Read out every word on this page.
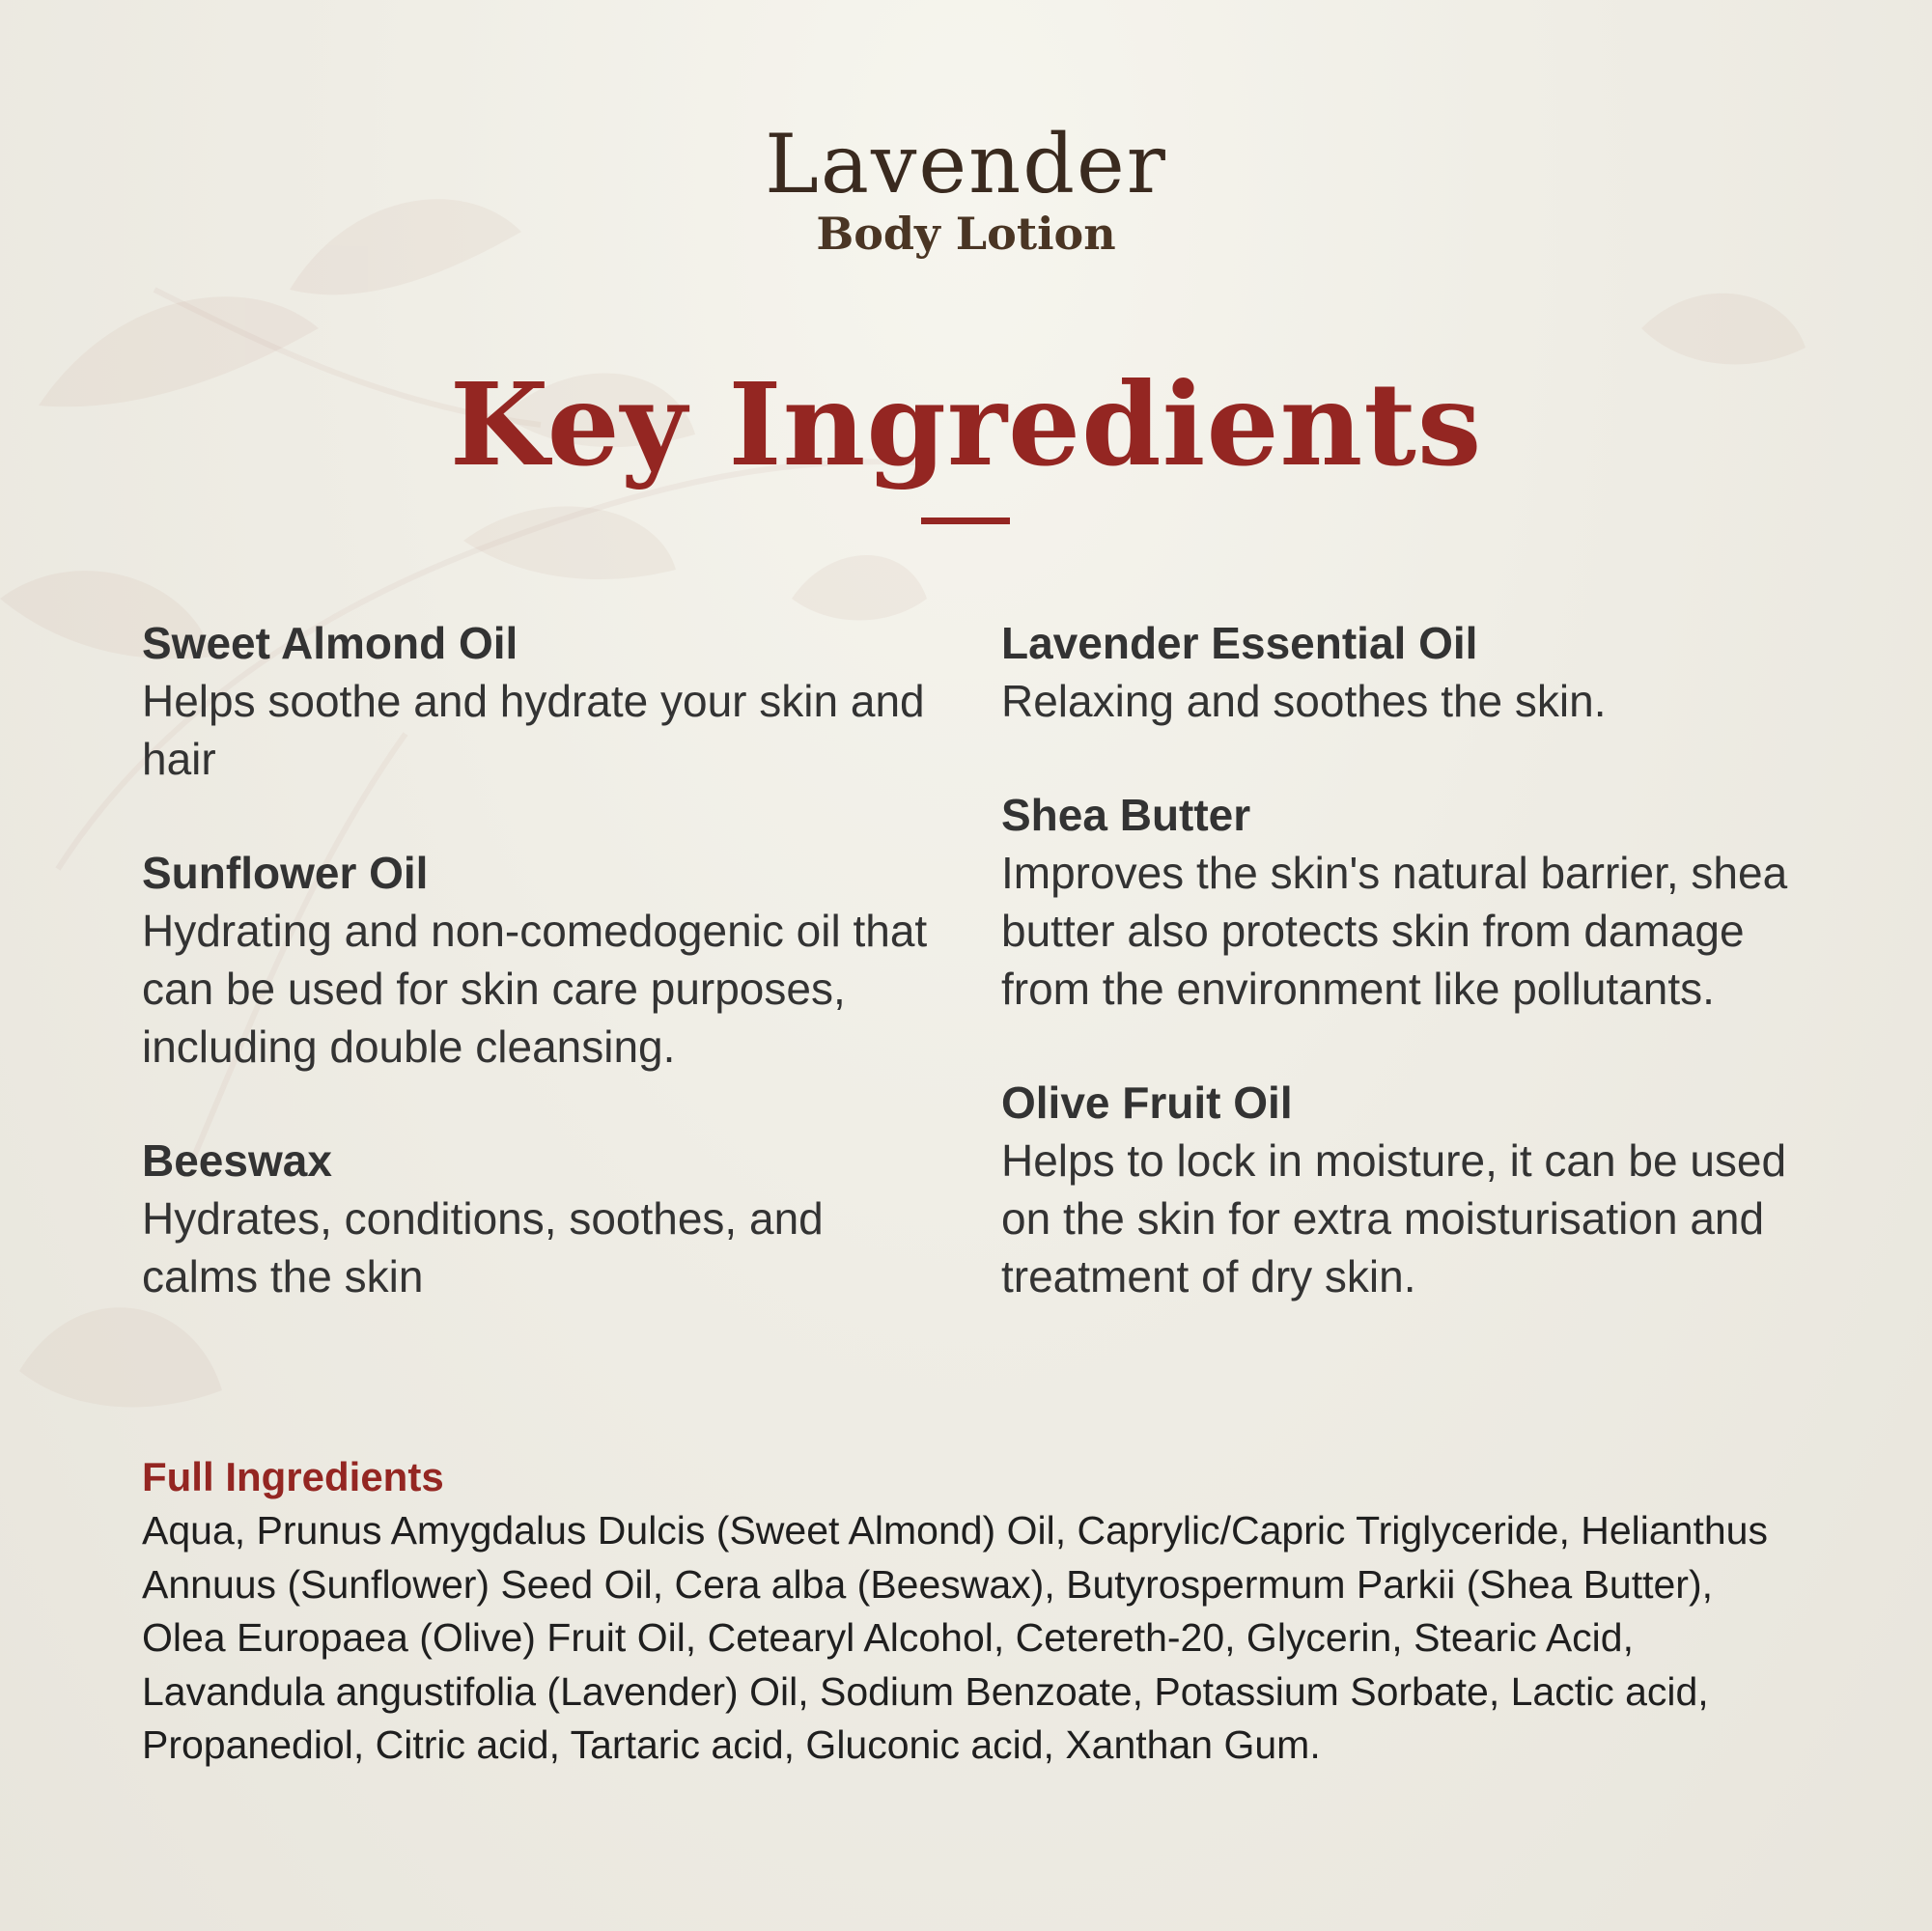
Lavender
Body Lotion
Key Ingredients
Sweet Almond Oil
Helps soothe and hydrate your skin and hair
Sunflower Oil
Hydrating and non-comedogenic oil that can be used for skin care purposes, including double cleansing.
Beeswax
Hydrates, conditions, soothes, and calms the skin
Lavender Essential Oil
Relaxing and soothes the skin.
Shea Butter
Improves the skin's natural barrier, shea butter also protects skin from damage from the environment like pollutants.
Olive Fruit Oil
Helps to lock in moisture, it can be used on the skin for extra moisturisation and treatment of dry skin.
Full Ingredients
Aqua, Prunus Amygdalus Dulcis (Sweet Almond) Oil, Caprylic/Capric Triglyceride, Helianthus Annuus (Sunflower) Seed Oil, Cera alba (Beeswax), Butyrospermum Parkii (Shea Butter), Olea Europaea (Olive) Fruit Oil, Cetearyl Alcohol, Cetereth-20, Glycerin, Stearic Acid, Lavandula angustifolia (Lavender) Oil, Sodium Benzoate, Potassium Sorbate, Lactic acid, Propanediol, Citric acid, Tartaric acid, Gluconic acid, Xanthan Gum.
